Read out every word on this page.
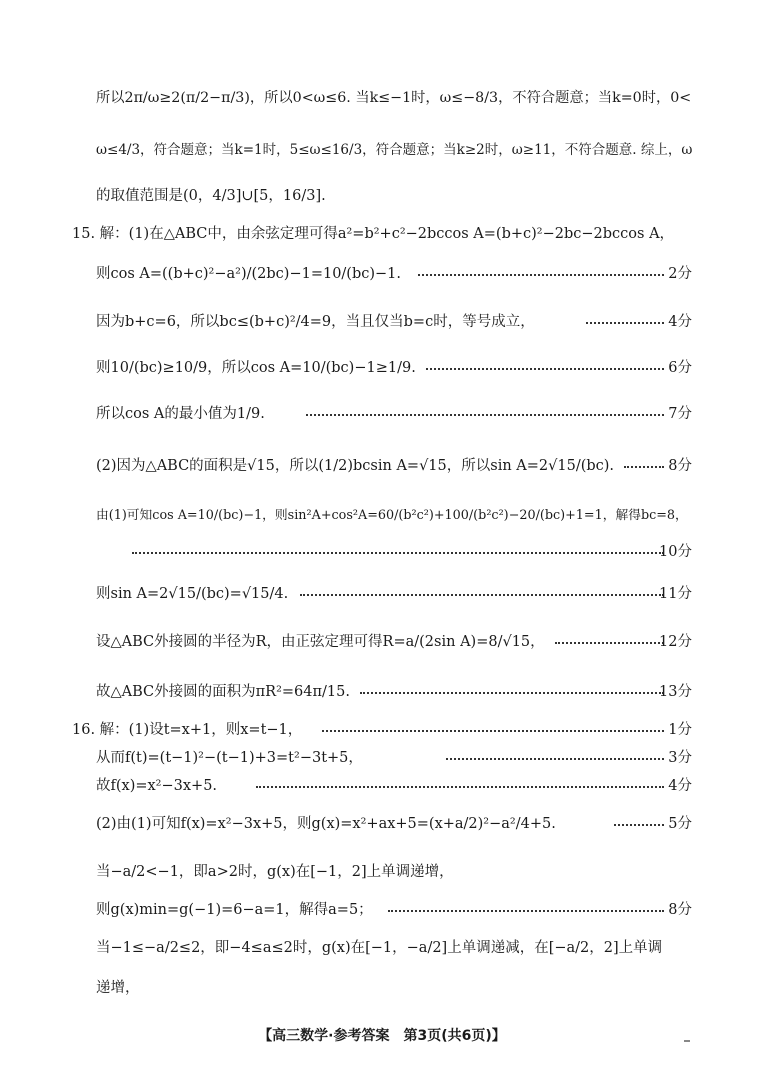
所以2π/ω≥2(π/2−π/3)，所以0<ω≤6. 当k≤−1时，ω≤−8/3，不符合题意；当k=0时，0<
ω≤4/3，符合题意；当k=1时，5≤ω≤16/3，符合题意；当k≥2时，ω≥11，不符合题意. 综上，ω
的取值范围是(0，4/3]∪[5，16/3].
15. 解：(1)在△ABC中，由余弦定理可得a²=b²+c²−2bccos A=(b+c)²−2bc−2bccos A，
则cos A=((b+c)²−a²)/(2bc)−1=10/(bc)−1.	2分
因为b+c=6，所以bc≤(b+c)²/4=9，当且仅当b=c时，等号成立，	4分
则10/(bc)≥10/9，所以cos A=10/(bc)−1≥1/9.	6分
所以cos A的最小值为1/9.	7分
(2)因为△ABC的面积是√15，所以(1/2)bcsin A=√15，所以sin A=2√15/(bc).	8分
由(1)可知cos A=10/(bc)−1，则sin²A+cos²A=60/(b²c²)+100/(b²c²)−20/(bc)+1=1，解得bc=8，
10分
则sin A=2√15/(bc)=√15/4.	11分
设△ABC外接圆的半径为R，由正弦定理可得R=a/(2sin A)=8/√15，	12分
故△ABC外接圆的面积为πR²=64π/15.	13分
16. 解：(1)设t=x+1，则x=t−1，	1分
从而f(t)=(t−1)²−(t−1)+3=t²−3t+5，	3分
故f(x)=x²−3x+5.	4分
(2)由(1)可知f(x)=x²−3x+5，则g(x)=x²+ax+5=(x+a/2)²−a²/4+5.	5分
当−a/2<−1，即a>2时，g(x)在[−1，2]上单调递增，
则g(x)min=g(−1)=6−a=1，解得a=5；	8分
当−1≤−a/2≤2，即−4≤a≤2时，g(x)在[−1，−a/2]上单调递减，在[−a/2，2]上单调
递增，
【高三数学·参考答案　第3页(共6页)】
